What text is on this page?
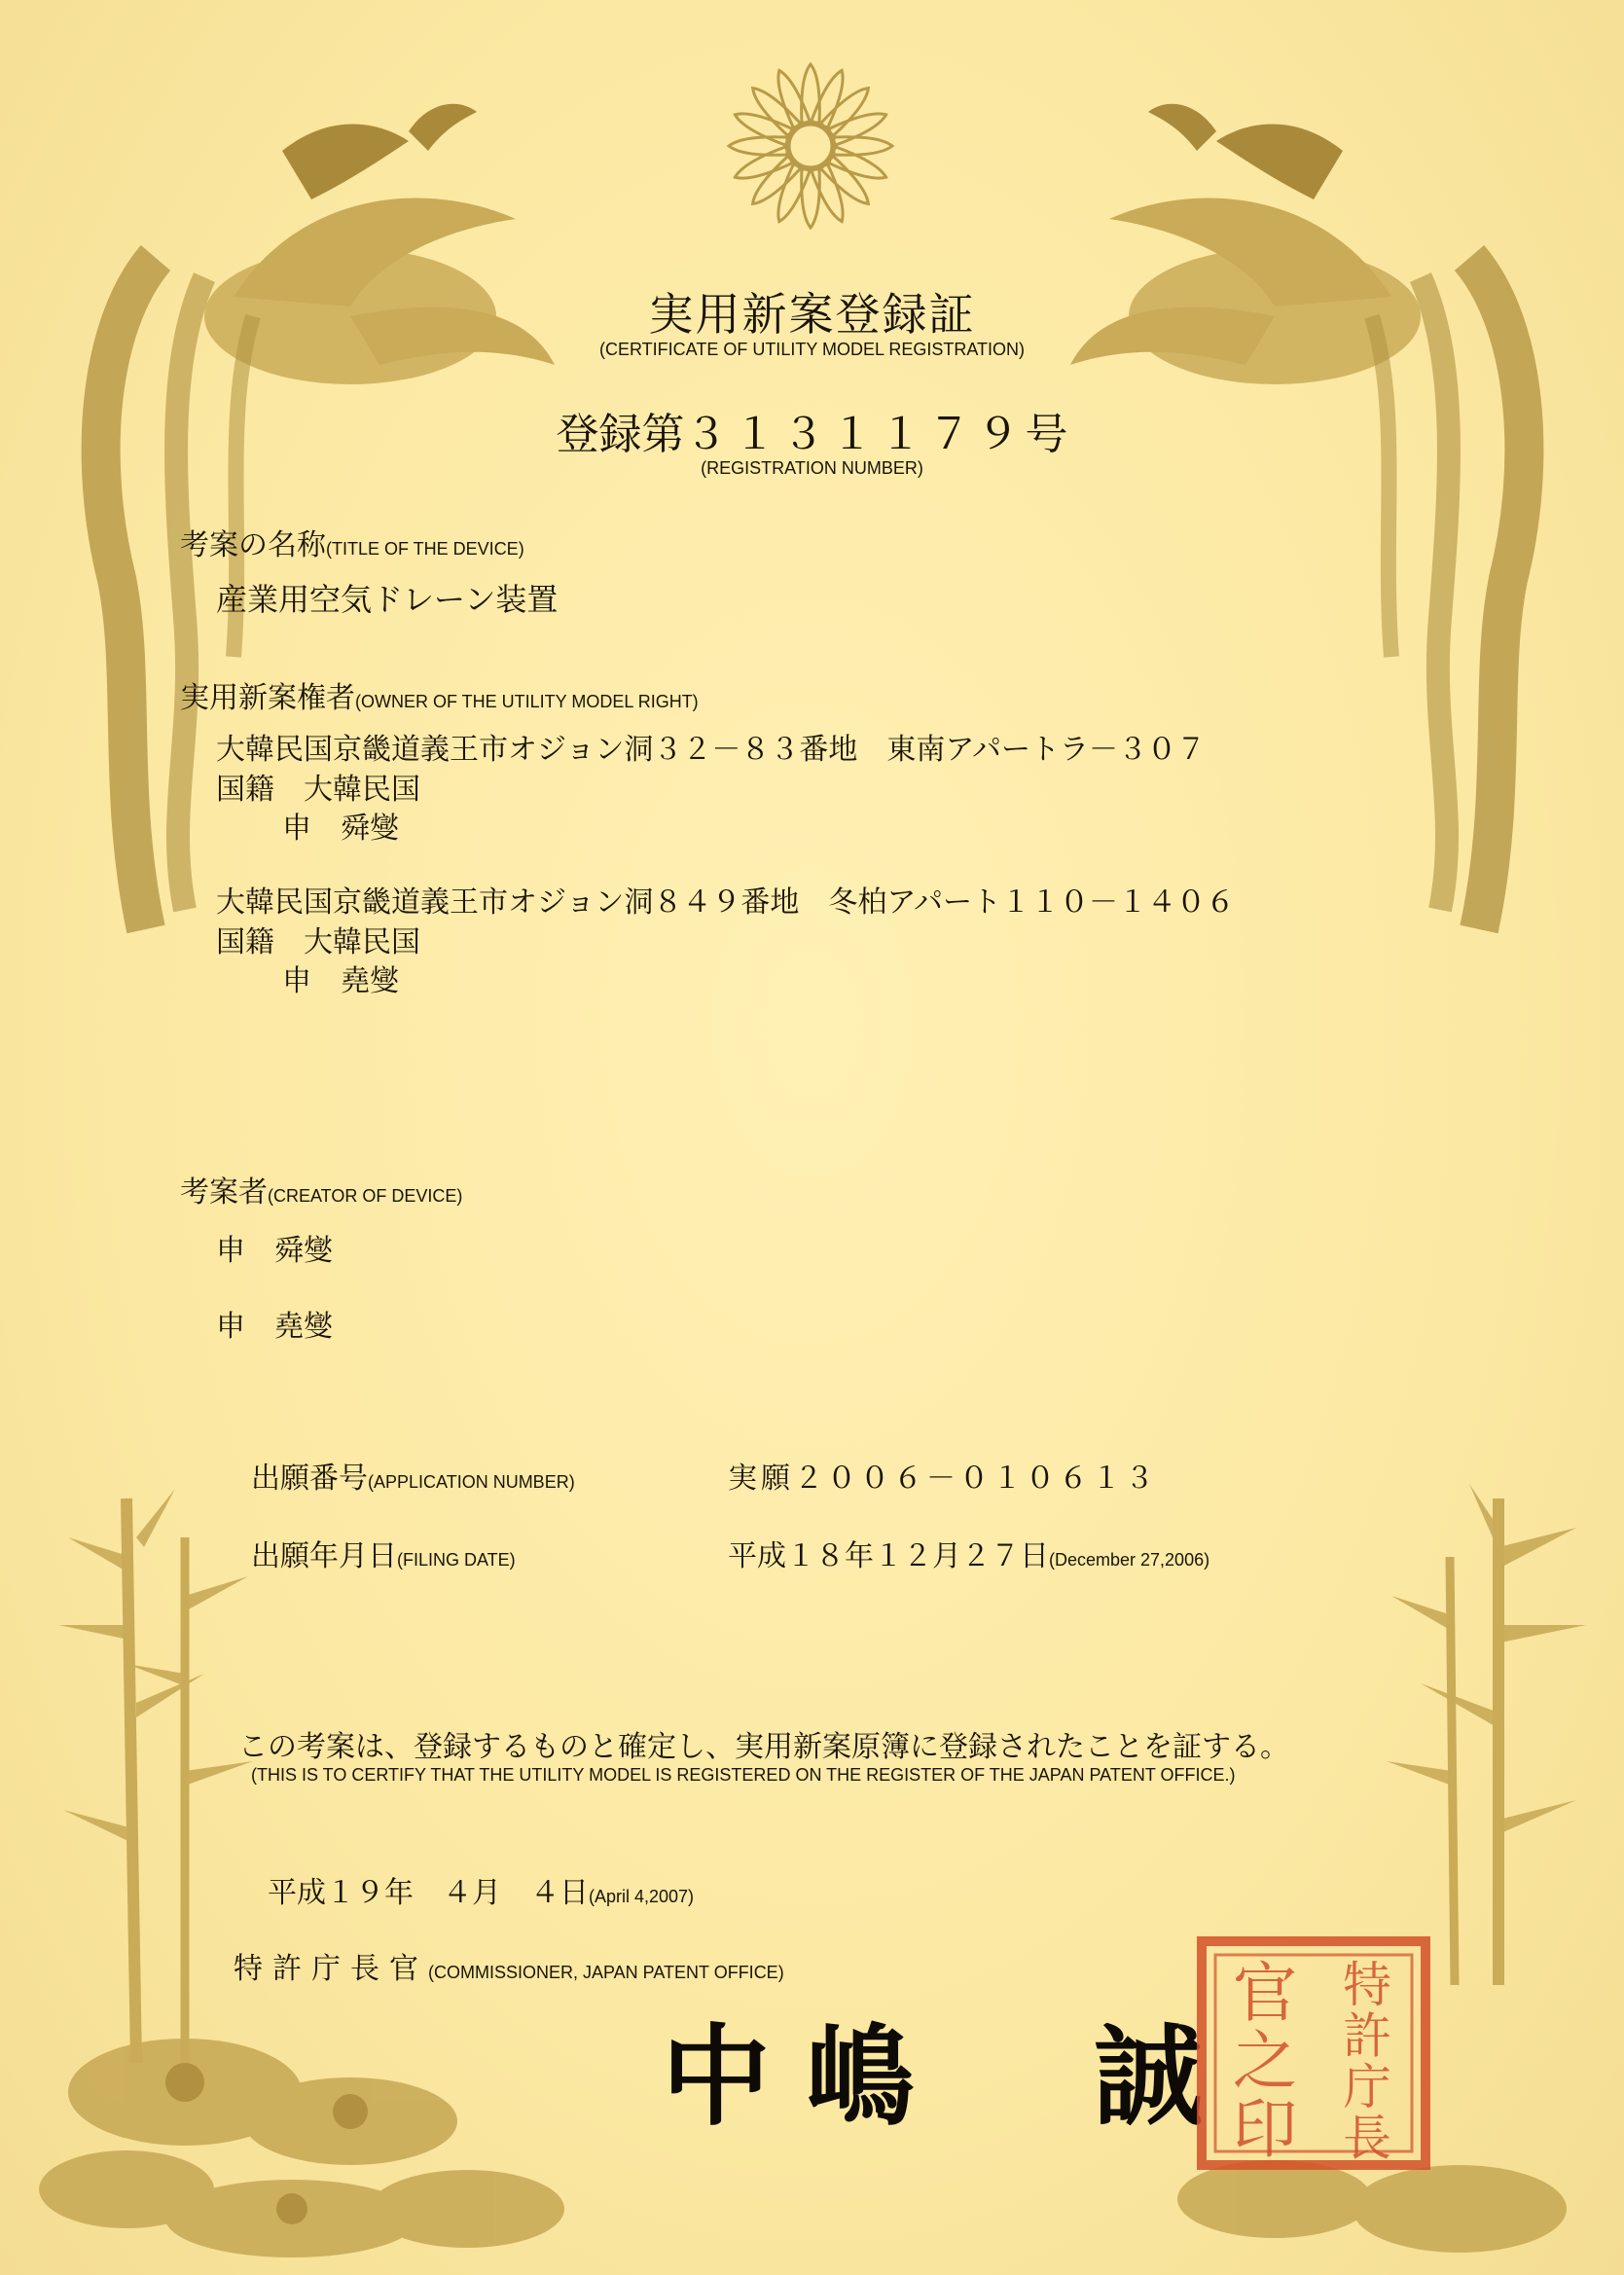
実用新案登録証
(CERTIFICATE OF UTILITY MODEL REGISTRATION)
登録第３１３１１７９号
(REGISTRATION NUMBER)
考案の名称(TITLE OF THE DEVICE)
産業用空気ドレーン装置
実用新案権者(OWNER OF THE UTILITY MODEL RIGHT)
大韓民国京畿道義王市オジョン洞３２－８３番地　東南アパートラ－３０７
国籍　大韓民国
申　舜燮
大韓民国京畿道義王市オジョン洞８４９番地　冬柏アパート１１０－１４０６
国籍　大韓民国
申　堯燮
考案者(CREATOR OF DEVICE)
申　舜燮
申　堯燮
出願番号(APPLICATION NUMBER)	実願２００６－０１０６１３
出願年月日(FILING DATE)	平成１８年１２月２７日(December 27,2006)
この考案は、登録するものと確定し、実用新案原簿に登録されたことを証する。
(THIS IS TO CERTIFY THAT THE UTILITY MODEL IS REGISTERED ON THE REGISTER OF THE JAPAN PATENT OFFICE.)
平成１９年　４月　４日(April 4,2007)
特許庁長官(COMMISSIONER, JAPAN PATENT OFFICE)
中嶋　誠
特
許
庁
長
官
之
印
